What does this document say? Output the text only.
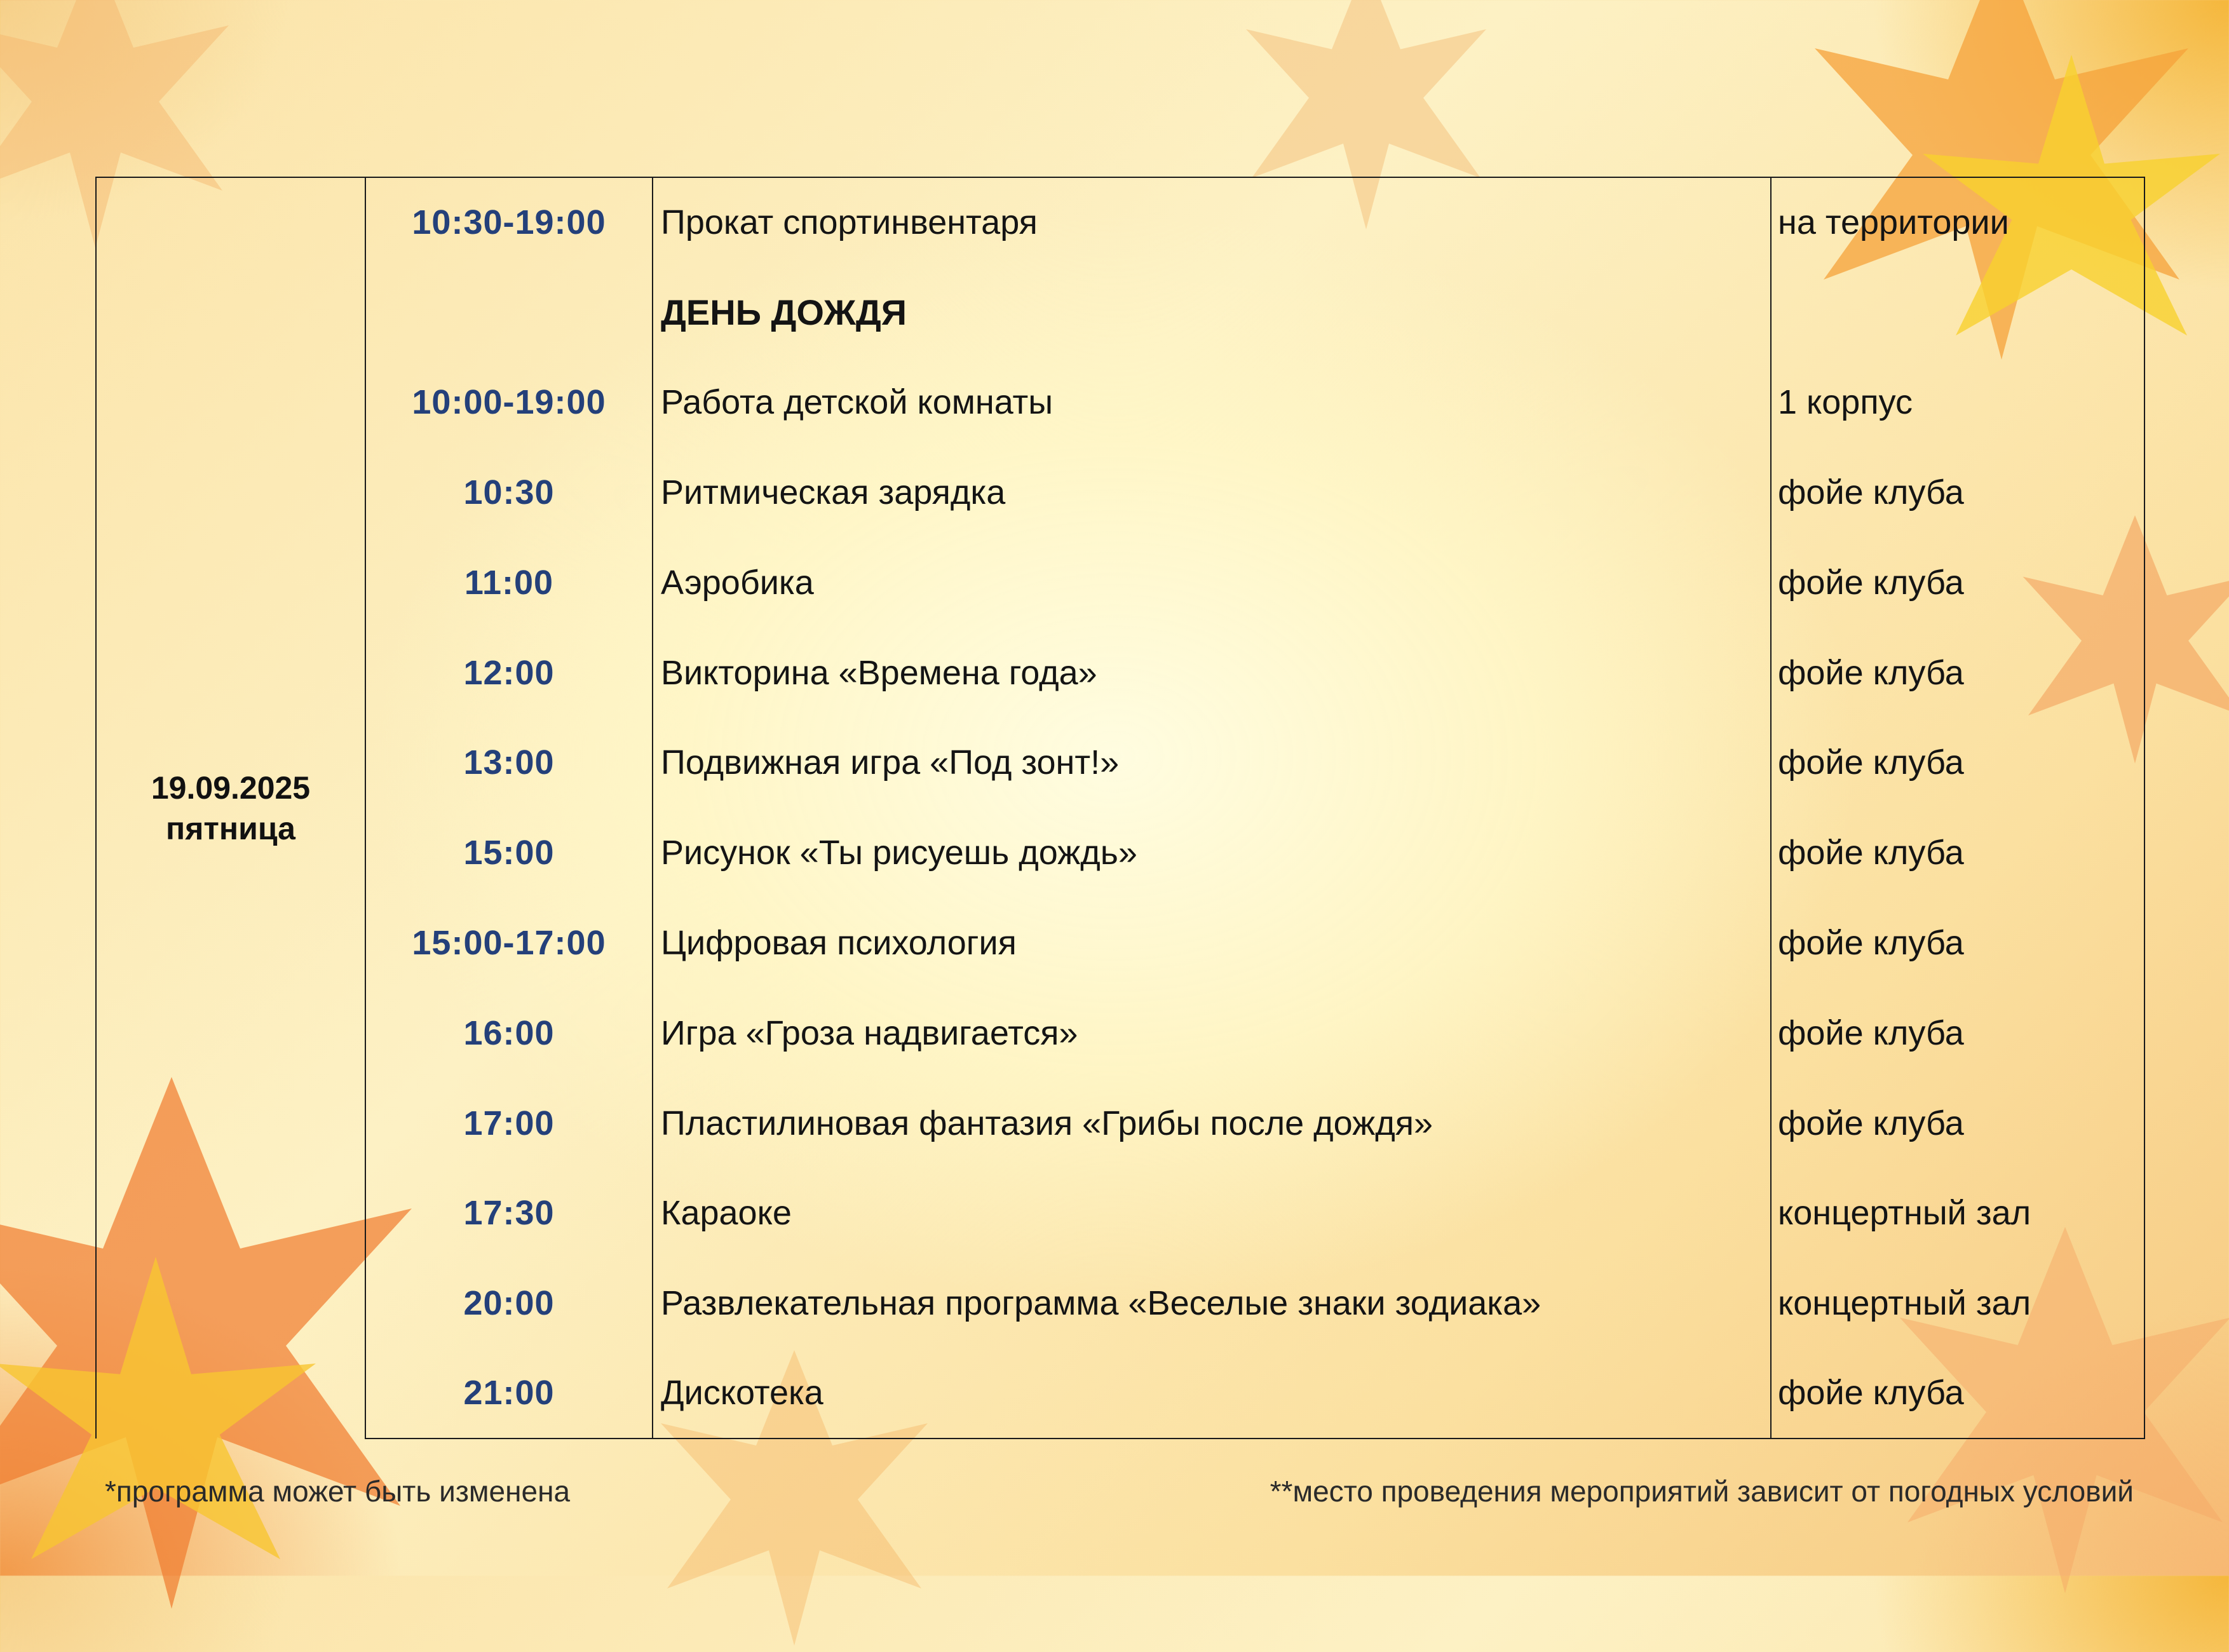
19.09.2025
пятница	10:30-19:00	Прокат спортинвентаря	на территории
		ДЕНЬ ДОЖДЯ	
	10:00-19:00	Работа детской комнаты	1 корпус
	10:30	Ритмическая зарядка	фойе клуба
	11:00	Аэробика	фойе клуба
	12:00	Викторина «Времена года»	фойе клуба
	13:00	Подвижная игра «Под зонт!»	фойе клуба
	15:00	Рисунок «Ты рисуешь дождь»	фойе клуба
	15:00-17:00	Цифровая психология	фойе клуба
	16:00	Игра «Гроза надвигается»	фойе клуба
	17:00	Пластилиновая фантазия «Грибы после дождя»	фойе клуба
	17:30	Караоке	концертный зал
	20:00	Развлекательная программа «Веселые знаки зодиака»	концертный зал
	21:00	Дискотека	фойе клуба
*программа может быть изменена	**место проведения мероприятий зависит от погодных условий
